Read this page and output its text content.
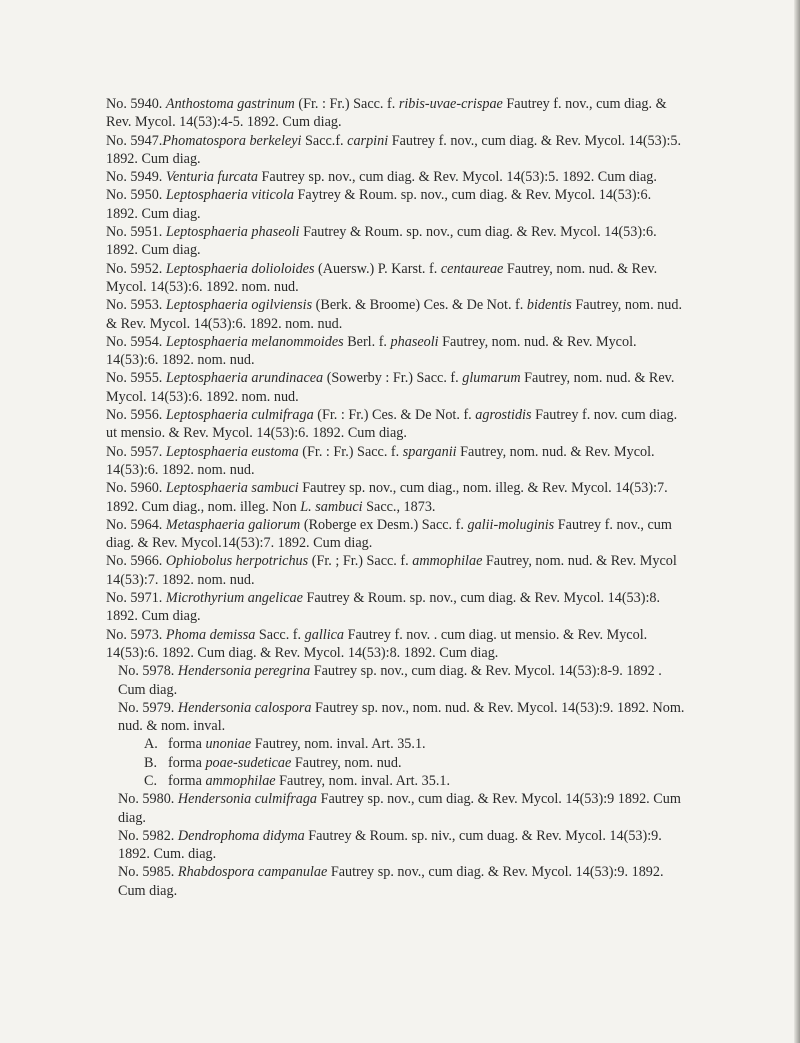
No. 5940. Anthostoma gastrinum (Fr. : Fr.) Sacc. f. ribis-uvae-crispae Fautrey f. nov., cum diag. & Rev. Mycol. 14(53):4-5. 1892. Cum diag.

No. 5947.Phomatospora berkeleyi Sacc.f. carpini Fautrey f. nov., cum diag. & Rev. Mycol. 14(53):5. 1892. Cum diag.

No. 5949. Venturia furcata Fautrey sp. nov., cum diag. & Rev. Mycol. 14(53):5. 1892. Cum diag.

No. 5950. Leptosphaeria viticola Faytrey & Roum. sp. nov., cum diag. & Rev. Mycol. 14(53):6. 1892. Cum diag.

No. 5951. Leptosphaeria phaseoli Fautrey & Roum. sp. nov., cum diag. & Rev. Mycol. 14(53):6. 1892. Cum diag.

No. 5952. Leptosphaeria dolioloides (Auersw.) P. Karst. f. centaureae Fautrey, nom. nud. & Rev. Mycol. 14(53):6. 1892. nom. nud.

No. 5953. Leptosphaeria ogilviensis (Berk. & Broome) Ces. & De Not. f. bidentis Fautrey, nom. nud. & Rev. Mycol. 14(53):6. 1892. nom. nud.

No. 5954. Leptosphaeria melanommoides Berl. f. phaseoli Fautrey, nom. nud. & Rev. Mycol. 14(53):6. 1892. nom. nud.

No. 5955. Leptosphaeria arundinacea (Sowerby : Fr.) Sacc. f. glumarum Fautrey, nom. nud. & Rev. Mycol. 14(53):6. 1892. nom. nud.

No. 5956. Leptosphaeria culmifraga (Fr. : Fr.) Ces. & De Not. f. agrostidis Fautrey f. nov. cum diag. ut mensio. & Rev. Mycol. 14(53):6. 1892. Cum diag.

No. 5957. Leptosphaeria eustoma (Fr. : Fr.) Sacc. f. sparganii Fautrey, nom. nud. & Rev. Mycol. 14(53):6. 1892. nom. nud.

No. 5960. Leptosphaeria sambuci Fautrey sp. nov., cum diag., nom. illeg. & Rev. Mycol. 14(53):7. 1892. Cum diag., nom. illeg. Non L. sambuci Sacc., 1873.

No. 5964. Metasphaeria galiorum (Roberge ex Desm.) Sacc. f. galii-moluginis Fautrey f. nov., cum diag. & Rev. Mycol.14(53):7. 1892. Cum diag.

No. 5966. Ophiobolus herpotrichus (Fr. ; Fr.) Sacc. f. ammophilae Fautrey, nom. nud. & Rev. Mycol 14(53):7. 1892. nom. nud.

No. 5971. Microthyrium angelicae Fautrey & Roum. sp. nov., cum diag. & Rev. Mycol. 14(53):8. 1892. Cum diag.

No. 5973. Phoma demissa Sacc. f. gallica Fautrey f. nov. . cum diag. ut mensio. & Rev. Mycol. 14(53):6. 1892. Cum diag. & Rev. Mycol. 14(53):8. 1892. Cum diag.

No. 5978. Hendersonia peregrina Fautrey sp. nov., cum diag. & Rev. Mycol. 14(53):8-9. 1892 . Cum diag.

No. 5979. Hendersonia calospora Fautrey sp. nov., nom. nud. & Rev. Mycol. 14(53):9. 1892. Nom. nud. & nom. inval.

A. forma unoniae Fautrey, nom. inval. Art. 35.1.

B. forma poae-sudeticae Fautrey, nom. nud.

C. forma ammophilae Fautrey, nom. inval. Art. 35.1.

No. 5980. Hendersonia culmifraga Fautrey sp. nov., cum diag. & Rev. Mycol. 14(53):9 1892. Cum diag.

No. 5982. Dendrophoma didyma Fautrey & Roum. sp. niv., cum duag. & Rev. Mycol. 14(53):9. 1892. Cum. diag.

No. 5985. Rhabdospora campanulae Fautrey sp. nov., cum diag. & Rev. Mycol. 14(53):9. 1892. Cum diag.
